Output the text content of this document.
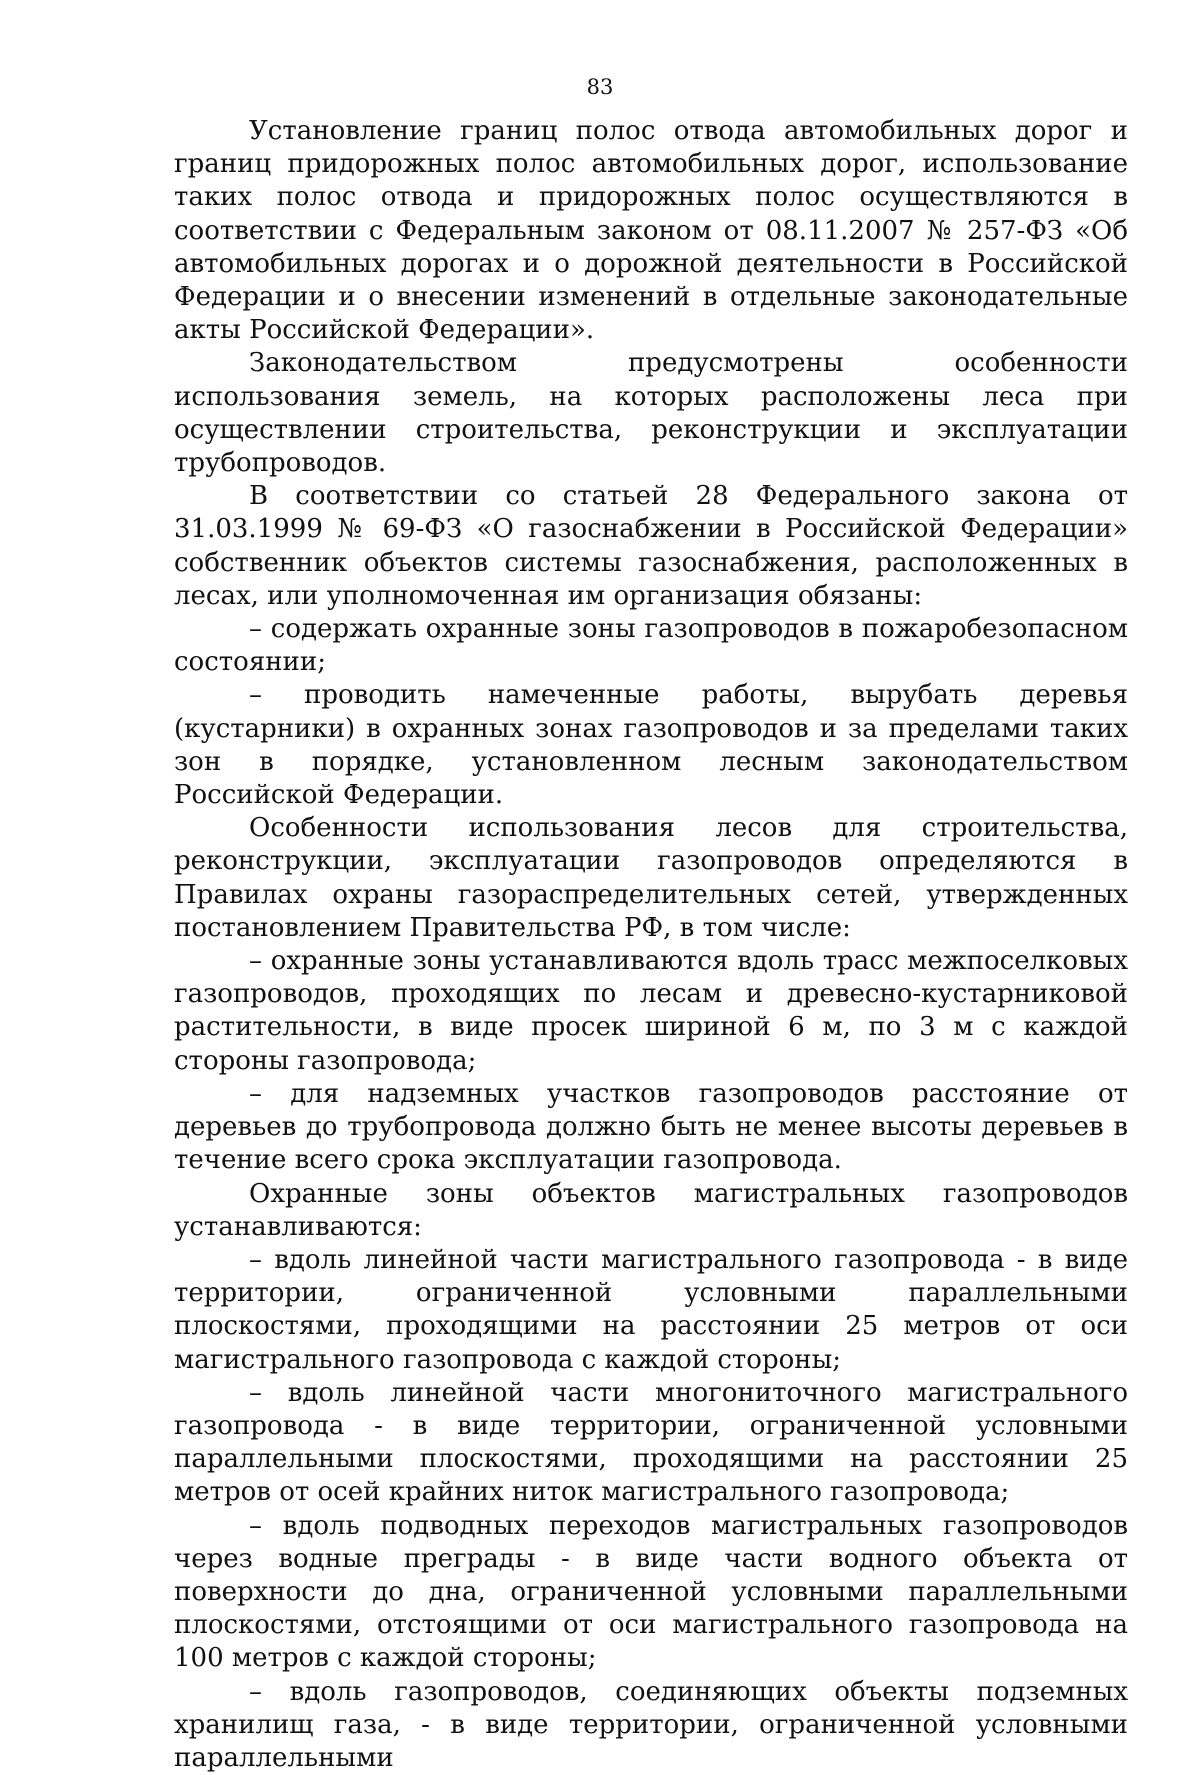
83

Установление границ полос отвода автомобильных дорог и границ придорожных полос автомобильных дорог, использование таких полос отвода и придорожных полос осуществляются в соответствии с Федеральным законом от 08.11.2007 № 257-ФЗ «Об автомобильных дорогах и о дорожной деятельности в Российской Федерации и о внесении изменений в отдельные законодательные акты Российской Федерации».

Законодательством предусмотрены особенности использования земель, на которых расположены леса при осуществлении строительства, реконструкции и эксплуатации трубопроводов.

В соответствии со статьей 28 Федерального закона от 31.03.1999 № 69-ФЗ «О газоснабжении в Российской Федерации» собственник объектов системы газоснабжения, расположенных в лесах, или уполномоченная им организация обязаны:

– содержать охранные зоны газопроводов в пожаробезопасном состоянии;

– проводить намеченные работы, вырубать деревья (кустарники) в охранных зонах газопроводов и за пределами таких зон в порядке, установленном лесным законодательством Российской Федерации.

Особенности использования лесов для строительства, реконструкции, эксплуатации газопроводов определяются в Правилах охраны газораспределительных сетей, утвержденных постановлением Правительства РФ, в том числе:

– охранные зоны устанавливаются вдоль трасс межпоселковых газопроводов, проходящих по лесам и древесно-кустарниковой растительности, в виде просек шириной 6 м, по 3 м с каждой стороны газопровода;

– для надземных участков газопроводов расстояние от деревьев до трубопровода должно быть не менее высоты деревьев в течение всего срока эксплуатации газопровода.

Охранные зоны объектов магистральных газопроводов устанавливаются:

– вдоль линейной части магистрального газопровода - в виде территории, ограниченной условными параллельными плоскостями, проходящими на расстоянии 25 метров от оси магистрального газопровода с каждой стороны;

– вдоль линейной части многониточного магистрального газопровода - в виде территории, ограниченной условными параллельными плоскостями, проходящими на расстоянии 25 метров от осей крайних ниток магистрального газопровода;

– вдоль подводных переходов магистральных газопроводов через водные преграды - в виде части водного объекта от поверхности до дна, ограниченной условными параллельными плоскостями, отстоящими от оси магистрального газопровода на 100 метров с каждой стороны;

– вдоль газопроводов, соединяющих объекты подземных хранилищ газа, - в виде территории, ограниченной условными параллельными
